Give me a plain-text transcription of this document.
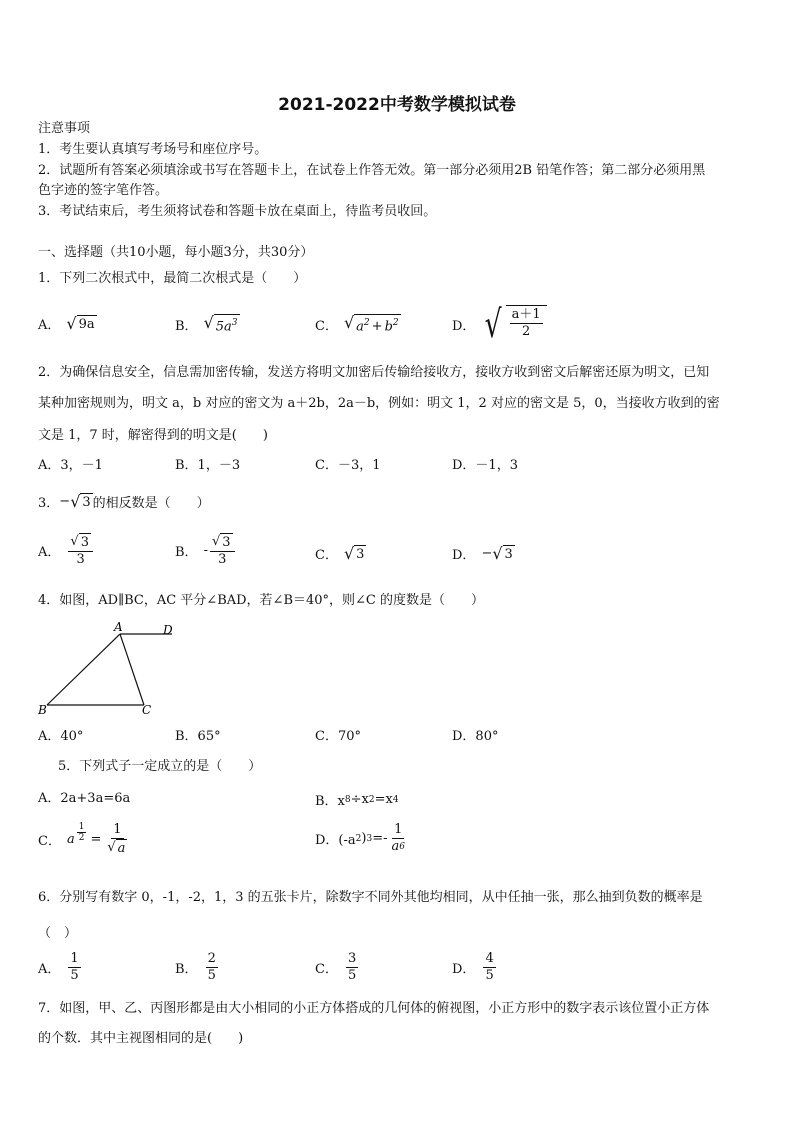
2021-2022中考数学模拟试卷
注意事项
1．考生要认真填写考场号和座位序号。
2．试题所有答案必须填涂或书写在答题卡上，在试卷上作答无效。第一部分必须用2B 铅笔作答；第二部分必须用黑
色字迹的签字笔作答。
3．考试结束后，考生须将试卷和答题卡放在桌面上，待监考员收回。
一、选择题（共10小题，每小题3分，共30分）
1．下列二次根式中，最简二次根式是（　　）
A． √ 9a	B． √ $5a^3$	C． √ $a^2 + b^2$	D． √ $\frac{a+1}{2}$
2．为确保信息安全，信息需加密传输，发送方将明文加密后传输给接收方，接收方收到密文后解密还原为明文，已知
某种加密规则为，明文 a，b 对应的密文为 a＋2b，2a－b，例如：明文 1，2 对应的密文是 5，0，当接收方收到的密
文是 1，7 时，解密得到的明文是(　　)
A．3，－1	B．1，－3	C．－3，1	D．－1，3
3． − √ 3 的相反数是（　　）
A． $\frac{√ 3}{3}$	B． - $\frac{√ 3}{3}$	C． √ 3	D． − √ 3
4．如图，AD∥BC，AC 平分∠BAD，若∠B＝40°，则∠C 的度数是（　　）
A	D
B	C
A．40°	B．65°	C．70°	D．80°
5．下列式子一定成立的是（　　）
A．2a+3a=6a	B．x 8 ÷x 2 =x 4
C． a $\frac{1}{2} = \frac{1}{√ a}$	D．(-a 2 ) $3 =- \frac{1}{a 6}$
6．分别写有数字 0，-1，-2，1，3 的五张卡片，除数字不同外其他均相同，从中任抽一张，那么抽到负数的概率是
（　）
A． $\frac{1}{5}$	B． $\frac{2}{5}$	C． $\frac{3}{5}$	D． $\frac{4}{5}$
7．如图，甲、乙、丙图形都是由大小相同的小正方体搭成的几何体的俯视图，小正方形中的数字表示该位置小正方体
的个数．其中主视图相同的是(　　)
